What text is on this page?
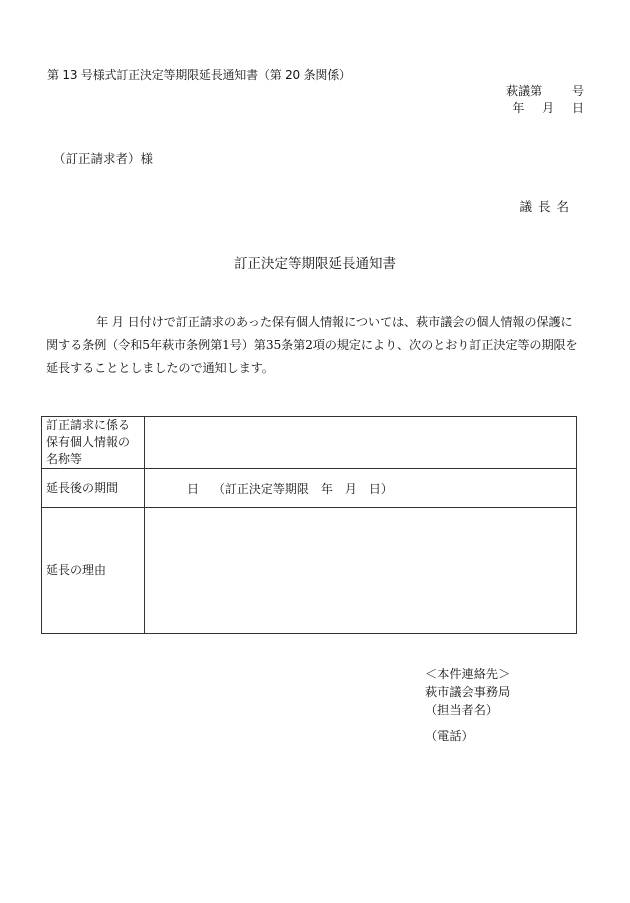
第 13 号様式訂正決定等期限延長通知書（第 20 条関係）
萩議第　 号
年 月 日
（訂正請求者）様
議長名
訂正決定等期限延長通知書
年 月 日付けで訂正請求のあった保有個人情報については、萩市議会の個人情報の保護に関する条例（令和5年萩市条例第1号）第35条第2項の規定により、次のとおり訂正決定等の期限を延長することとしましたので通知します。
訂正請求に係る保有個人情報の名称等	
延長後の期間	日 （訂正決定等期限　年　月　日）
延長の理由	
＜本件連絡先＞
萩市議会事務局
（担当者名）
（電話）
